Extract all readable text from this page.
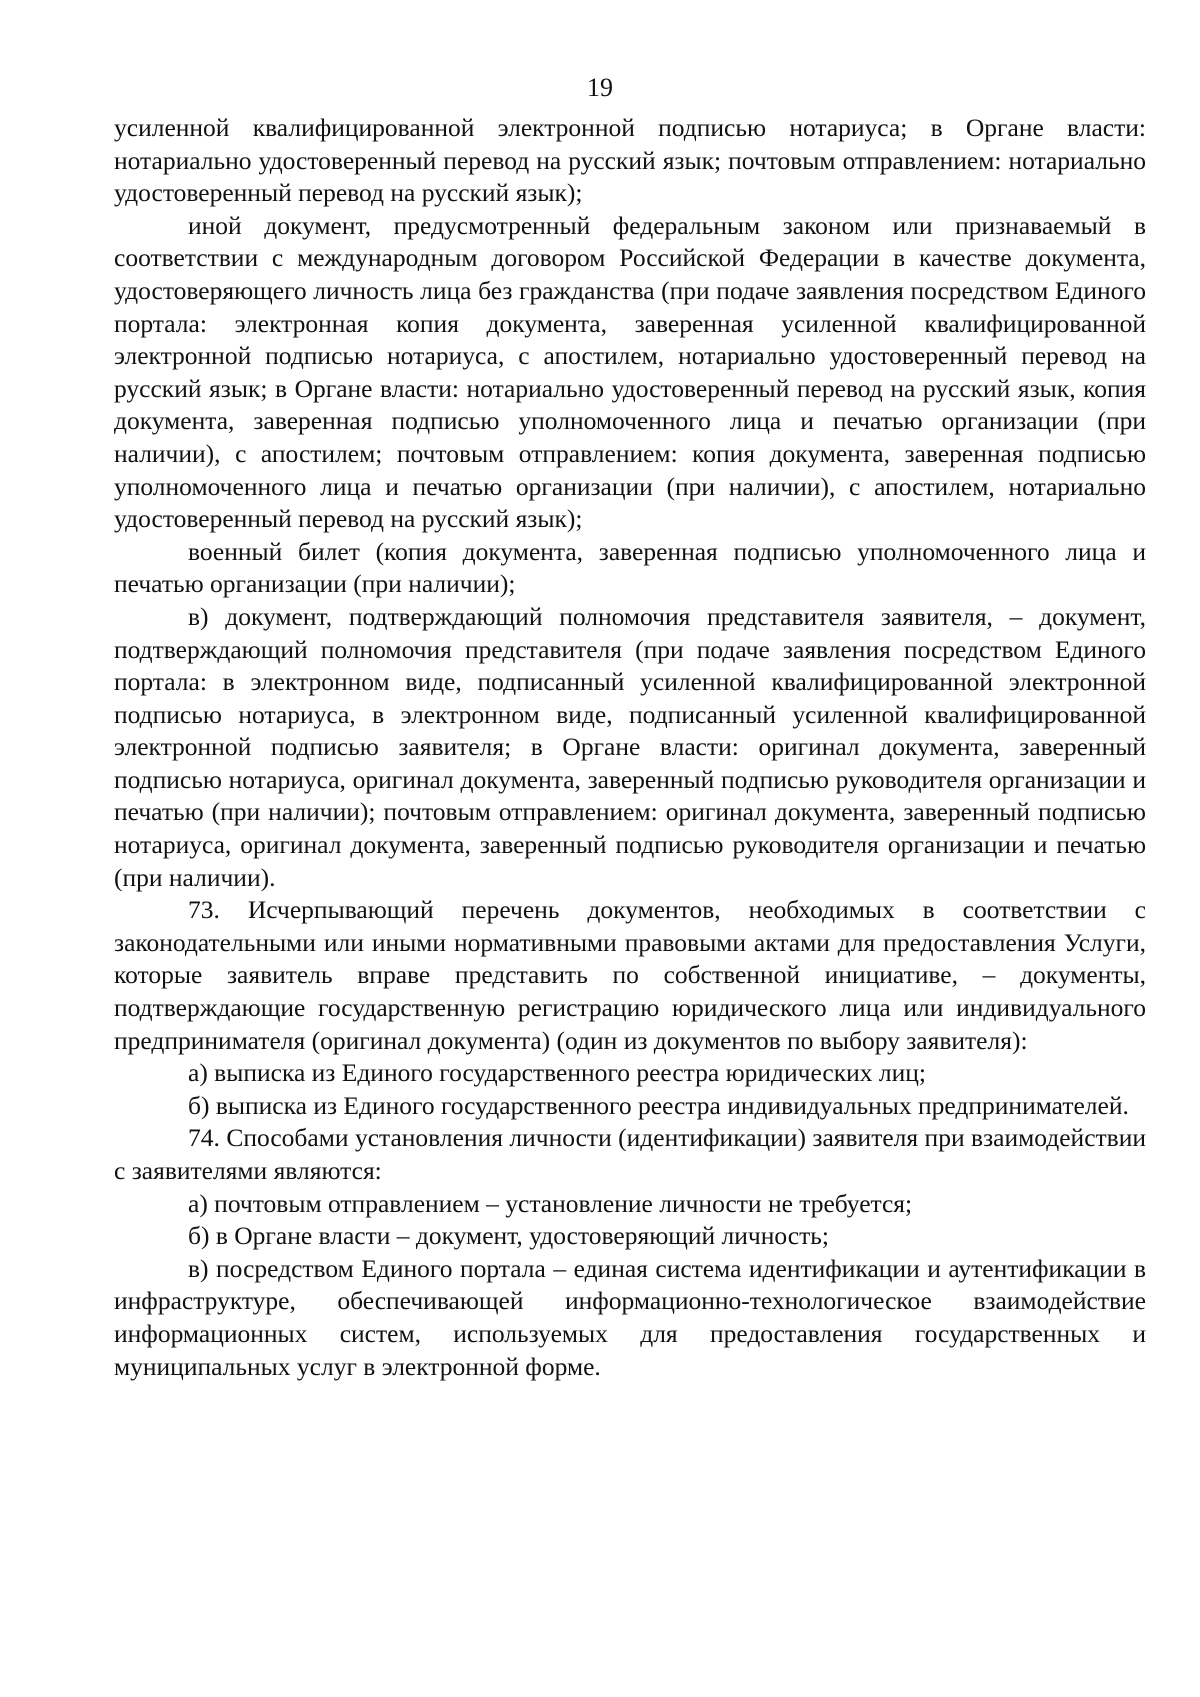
19

усиленной квалифицированной электронной подписью нотариуса; в Органе власти: нотариально удостоверенный перевод на русский язык; почтовым отправлением: нотариально удостоверенный перевод на русский язык);

иной документ, предусмотренный федеральным законом или признаваемый в соответствии с международным договором Российской Федерации в качестве документа, удостоверяющего личность лица без гражданства (при подаче заявления посредством Единого портала: электронная копия документа, заверенная усиленной квалифицированной электронной подписью нотариуса, с апостилем, нотариально удостоверенный перевод на русский язык; в Органе власти: нотариально удостоверенный перевод на русский язык, копия документа, заверенная подписью уполномоченного лица и печатью организации (при наличии), с апостилем; почтовым отправлением: копия документа, заверенная подписью уполномоченного лица и печатью организации (при наличии), с апостилем, нотариально удостоверенный перевод на русский язык);

военный билет (копия документа, заверенная подписью уполномоченного лица и печатью организации (при наличии);

в) документ, подтверждающий полномочия представителя заявителя, – документ, подтверждающий полномочия представителя (при подаче заявления посредством Единого портала: в электронном виде, подписанный усиленной квалифицированной электронной подписью нотариуса, в электронном виде, подписанный усиленной квалифицированной электронной подписью заявителя; в Органе власти: оригинал документа, заверенный подписью нотариуса, оригинал документа, заверенный подписью руководителя организации и печатью (при наличии); почтовым отправлением: оригинал документа, заверенный подписью нотариуса, оригинал документа, заверенный подписью руководителя организации и печатью (при наличии).

73. Исчерпывающий перечень документов, необходимых в соответствии с законодательными или иными нормативными правовыми актами для предоставления Услуги, которые заявитель вправе представить по собственной инициативе, – документы, подтверждающие государственную регистрацию юридического лица или индивидуального предпринимателя (оригинал документа) (один из документов по выбору заявителя):

а) выписка из Единого государственного реестра юридических лиц;

б) выписка из Единого государственного реестра индивидуальных предпринимателей.

74. Способами установления личности (идентификации) заявителя при взаимодействии с заявителями являются:

а) почтовым отправлением – установление личности не требуется;

б) в Органе власти – документ, удостоверяющий личность;

в) посредством Единого портала – единая система идентификации и аутентификации в инфраструктуре, обеспечивающей информационно-технологическое взаимодействие информационных систем, используемых для предоставления государственных и муниципальных услуг в электронной форме.
